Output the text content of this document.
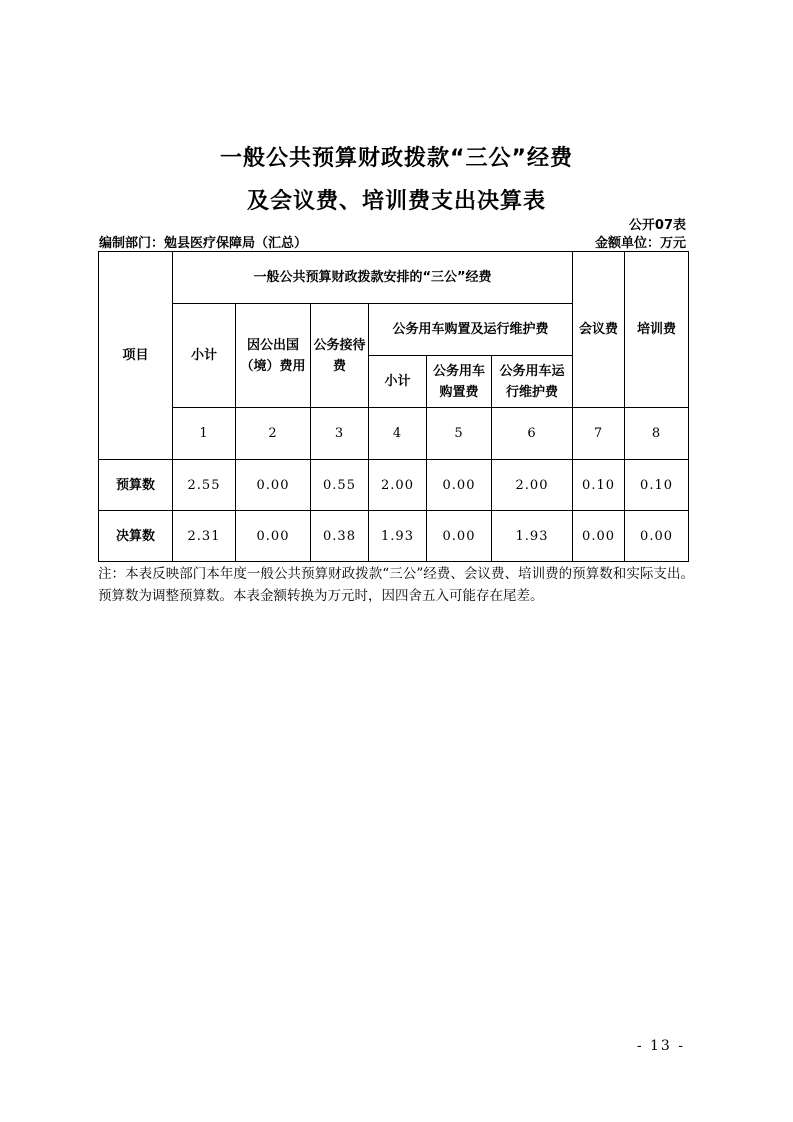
一般公共预算财政拨款“三公”经费
及会议费、培训费支出决算表
公开07表
编制部门：勉县医疗保障局（汇总）	金额单位：万元
项目	一般公共预算财政拨款安排的“三公”经费						会议费	培训费
	小计	因公出国（境）费用	公务接待费	公务用车购置及运行维护费				
				小计	公务用车购置费	公务用车运行维护费		
	1	2	3	4	5	6	7	8
预算数	2.55	0.00	0.55	2.00	0.00	2.00	0.10	0.10
决算数	2.31	0.00	0.38	1.93	0.00	1.93	0.00	0.00
注：本表反映部门本年度一般公共预算财政拨款“三公”经费、会议费、培训费的预算数和实际支出。预算数为调整预算数。本表金额转换为万元时，因四舍五入可能存在尾差。
- 13 -
